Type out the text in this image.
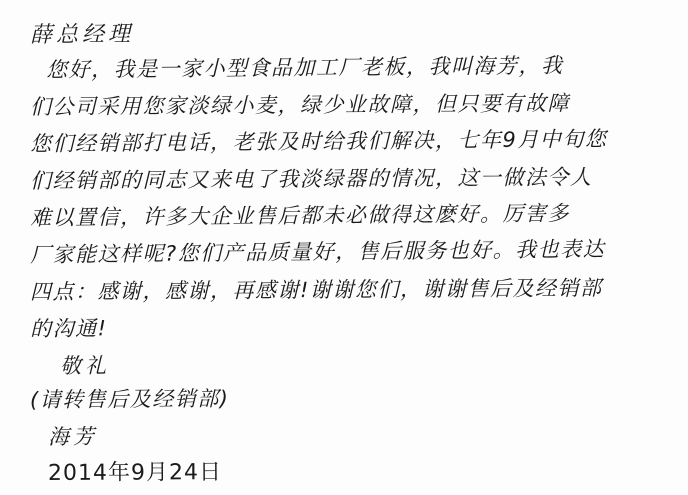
薛总经理
您好，我是一家小型食品加工厂老板，我叫海芳，我
们公司采用您家淡绿小麦，绿少业故障，但只要有故障
您们经销部打电话，老张及时给我们解决，七年9月中旬您
们经销部的同志又来电了我淡绿器的情况，这一做法令人
难以置信，许多大企业售后都未必做得这麽好。厉害多
厂家能这样呢?您们产品质量好，售后服务也好。我也表达
四点：感谢，感谢，再感谢!谢谢您们，谢谢售后及经销部
的沟通!
敬礼
(请转售后及经销部)
海芳
2014年9月24日
